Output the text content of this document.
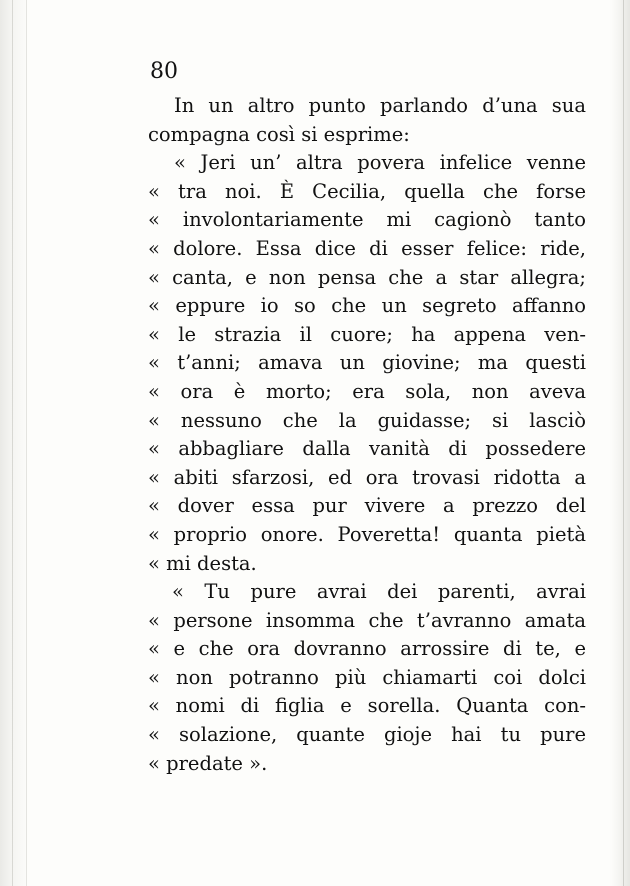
80
In un altro punto parlando d’una sua
compagna così si esprime:
« Jeri un’ altra povera infelice venne
« tra noi. È Cecilia, quella che forse
« involontariamente mi cagionò tanto
« dolore. Essa dice di esser felice: ride,
« canta, e non pensa che a star allegra;
« eppure io so che un segreto affanno
« le strazia il cuore; ha appena ven-
« t’anni; amava un giovine; ma questi
« ora è morto; era sola, non aveva
« nessuno che la guidasse; si lasciò
« abbagliare dalla vanità di possedere
« abiti sfarzosi, ed ora trovasi ridotta a
« dover essa pur vivere a prezzo del
« proprio onore. Poveretta! quanta pietà
« mi desta.
« Tu pure avrai dei parenti, avrai
« persone insomma che t’avranno amata
« e che ora dovranno arrossire di te, e
« non potranno più chiamarti coi dolci
« nomi di figlia e sorella. Quanta con-
« solazione, quante gioje hai tu pure
« predate ».
